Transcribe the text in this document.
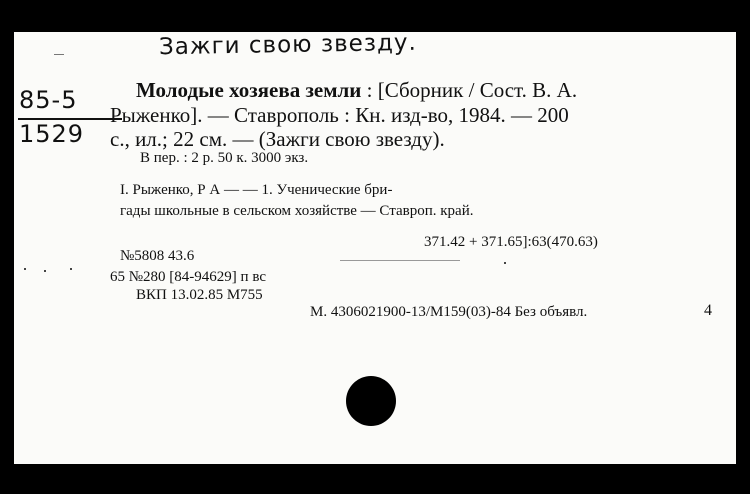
Зажги свою звезду.
85-5
1529
Молодые хозяева земли : [Сборник / Сост. В. А.
Рыженко]. — Ставрополь : Кн. изд-во, 1984. — 200
с., ил.; 22 см. — (Зажги свою звезду).
В пер. : 2 р. 50 к. 3000 экз.
I. Рыженко, Р А — — 1. Ученические бри-
гады школьные в сельском хозяйстве — Ставроп. край.
371.42 + 371.65]:63(470.63)
№5808 43.6
65 №280 [84-94629] п вс
ВКП 13.02.85 М755
М. 4306021900-13/М159(03)-84 Без объявл.	4
